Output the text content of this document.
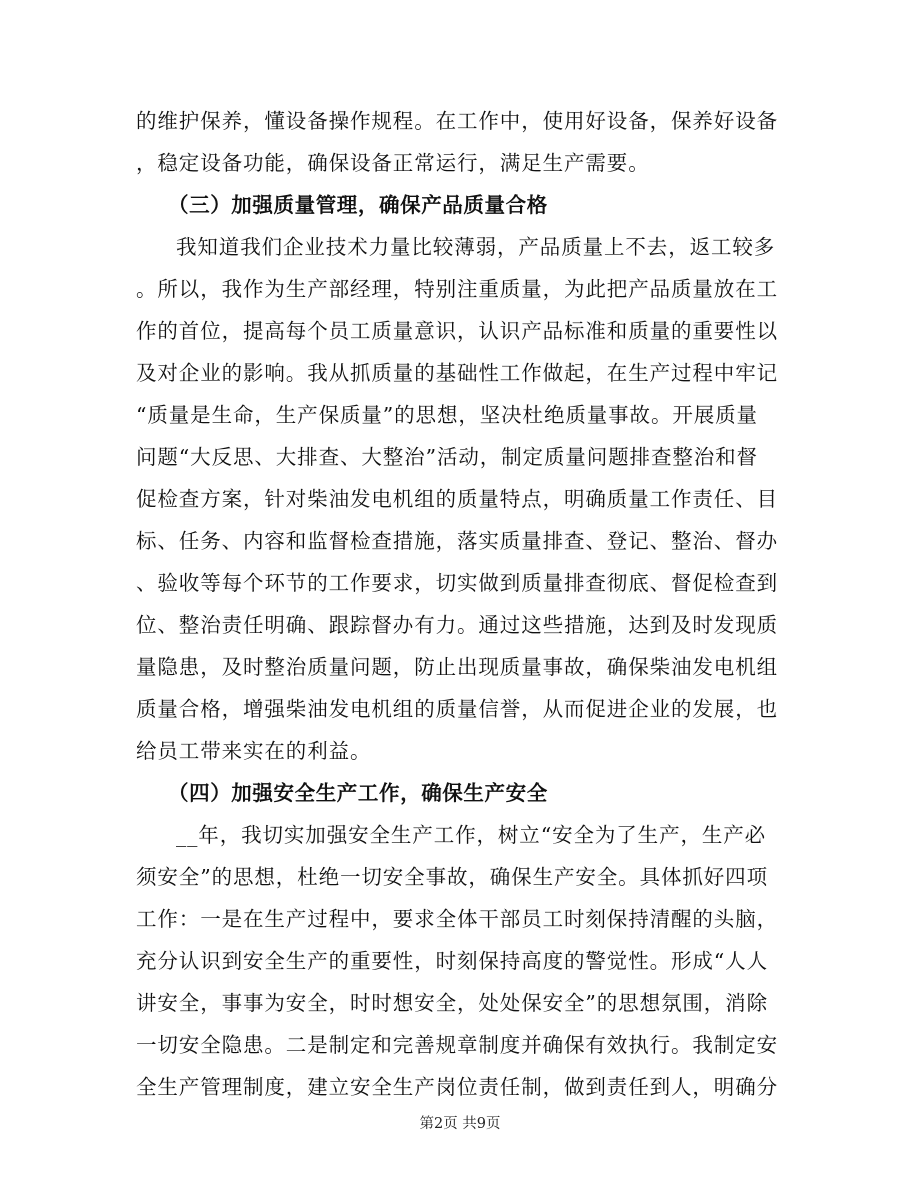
的维护保养，懂设备操作规程。在工作中，使用好设备，保养好设备
，稳定设备功能，确保设备正常运行，满足生产需要。
（三）加强质量管理，确保产品质量合格
我知道我们企业技术力量比较薄弱，产品质量上不去，返工较多
。所以，我作为生产部经理，特别注重质量，为此把产品质量放在工
作的首位，提高每个员工质量意识，认识产品标准和质量的重要性以
及对企业的影响。我从抓质量的基础性工作做起，在生产过程中牢记
“质量是生命，生产保质量”的思想，坚决杜绝质量事故。开展质量
问题“大反思、大排查、大整治”活动，制定质量问题排查整治和督
促检查方案，针对柴油发电机组的质量特点，明确质量工作责任、目
标、任务、内容和监督检查措施，落实质量排查、登记、整治、督办
、验收等每个环节的工作要求，切实做到质量排查彻底、督促检查到
位、整治责任明确、跟踪督办有力。通过这些措施，达到及时发现质
量隐患，及时整治质量问题，防止出现质量事故，确保柴油发电机组
质量合格，增强柴油发电机组的质量信誉，从而促进企业的发展，也
给员工带来实在的利益。
（四）加强安全生产工作，确保生产安全
__年，我切实加强安全生产工作，树立“安全为了生产，生产必
须安全”的思想，杜绝一切安全事故，确保生产安全。具体抓好四项
工作：一是在生产过程中，要求全体干部员工时刻保持清醒的头脑，
充分认识到安全生产的重要性，时刻保持高度的警觉性。形成“人人
讲安全，事事为安全，时时想安全，处处保安全”的思想氛围，消除
一切安全隐患。二是制定和完善规章制度并确保有效执行。我制定安
全生产管理制度，建立安全生产岗位责任制，做到责任到人，明确分
第2页 共9页
